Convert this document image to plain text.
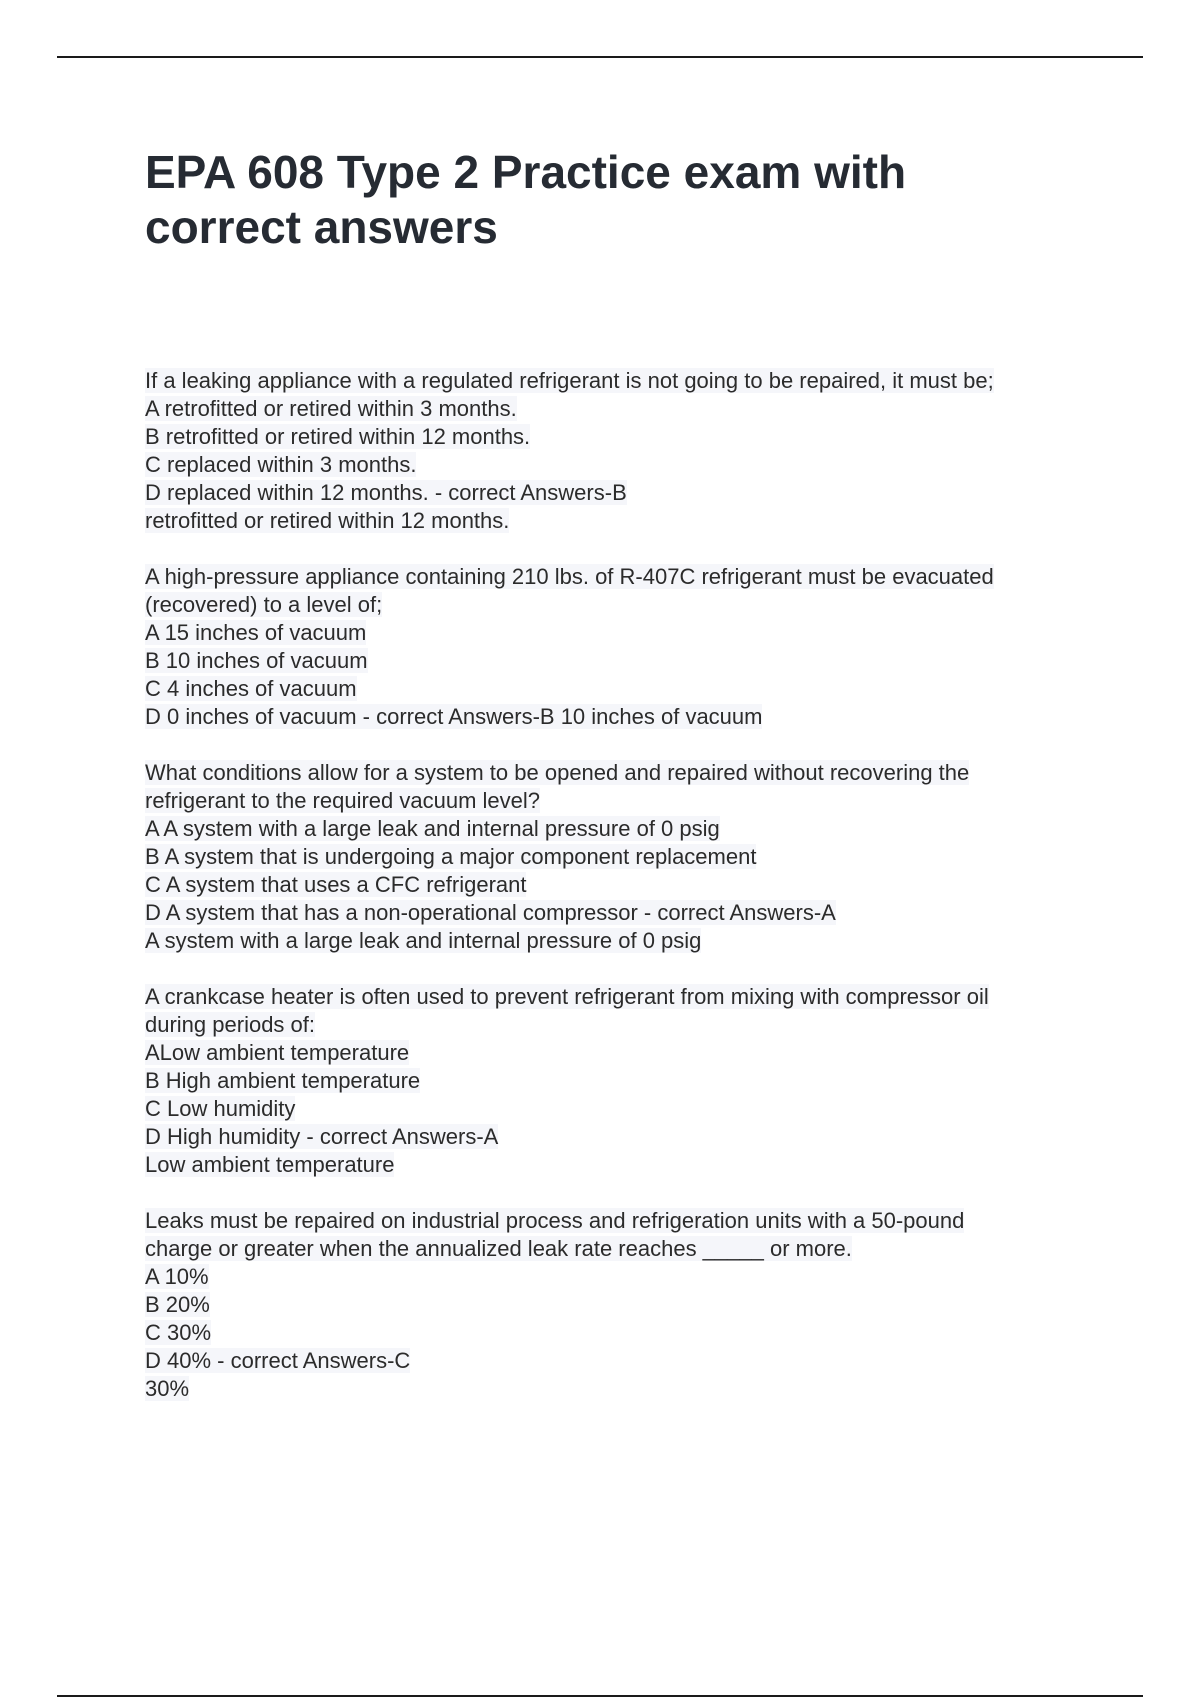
EPA 608 Type 2 Practice exam with correct answers
If a leaking appliance with a regulated refrigerant is not going to be repaired, it must be;
A retrofitted or retired within 3 months.
B retrofitted or retired within 12 months.
C replaced within 3 months.
D replaced within 12 months. - correct Answers-B
retrofitted or retired within 12 months.
A high-pressure appliance containing 210 lbs. of R-407C refrigerant must be evacuated
(recovered) to a level of;
A 15 inches of vacuum
B 10 inches of vacuum
C 4 inches of vacuum
D 0 inches of vacuum - correct Answers-B 10 inches of vacuum
What conditions allow for a system to be opened and repaired without recovering the
refrigerant to the required vacuum level?
A A system with a large leak and internal pressure of 0 psig
B A system that is undergoing a major component replacement
C A system that uses a CFC refrigerant
D A system that has a non-operational compressor - correct Answers-A
A system with a large leak and internal pressure of 0 psig
A crankcase heater is often used to prevent refrigerant from mixing with compressor oil
during periods of:
ALow ambient temperature
B High ambient temperature
C Low humidity
D High humidity - correct Answers-A
Low ambient temperature
Leaks must be repaired on industrial process and refrigeration units with a 50-pound
charge or greater when the annualized leak rate reaches _____ or more.
A 10%
B 20%
C 30%
D 40% - correct Answers-C
30%
